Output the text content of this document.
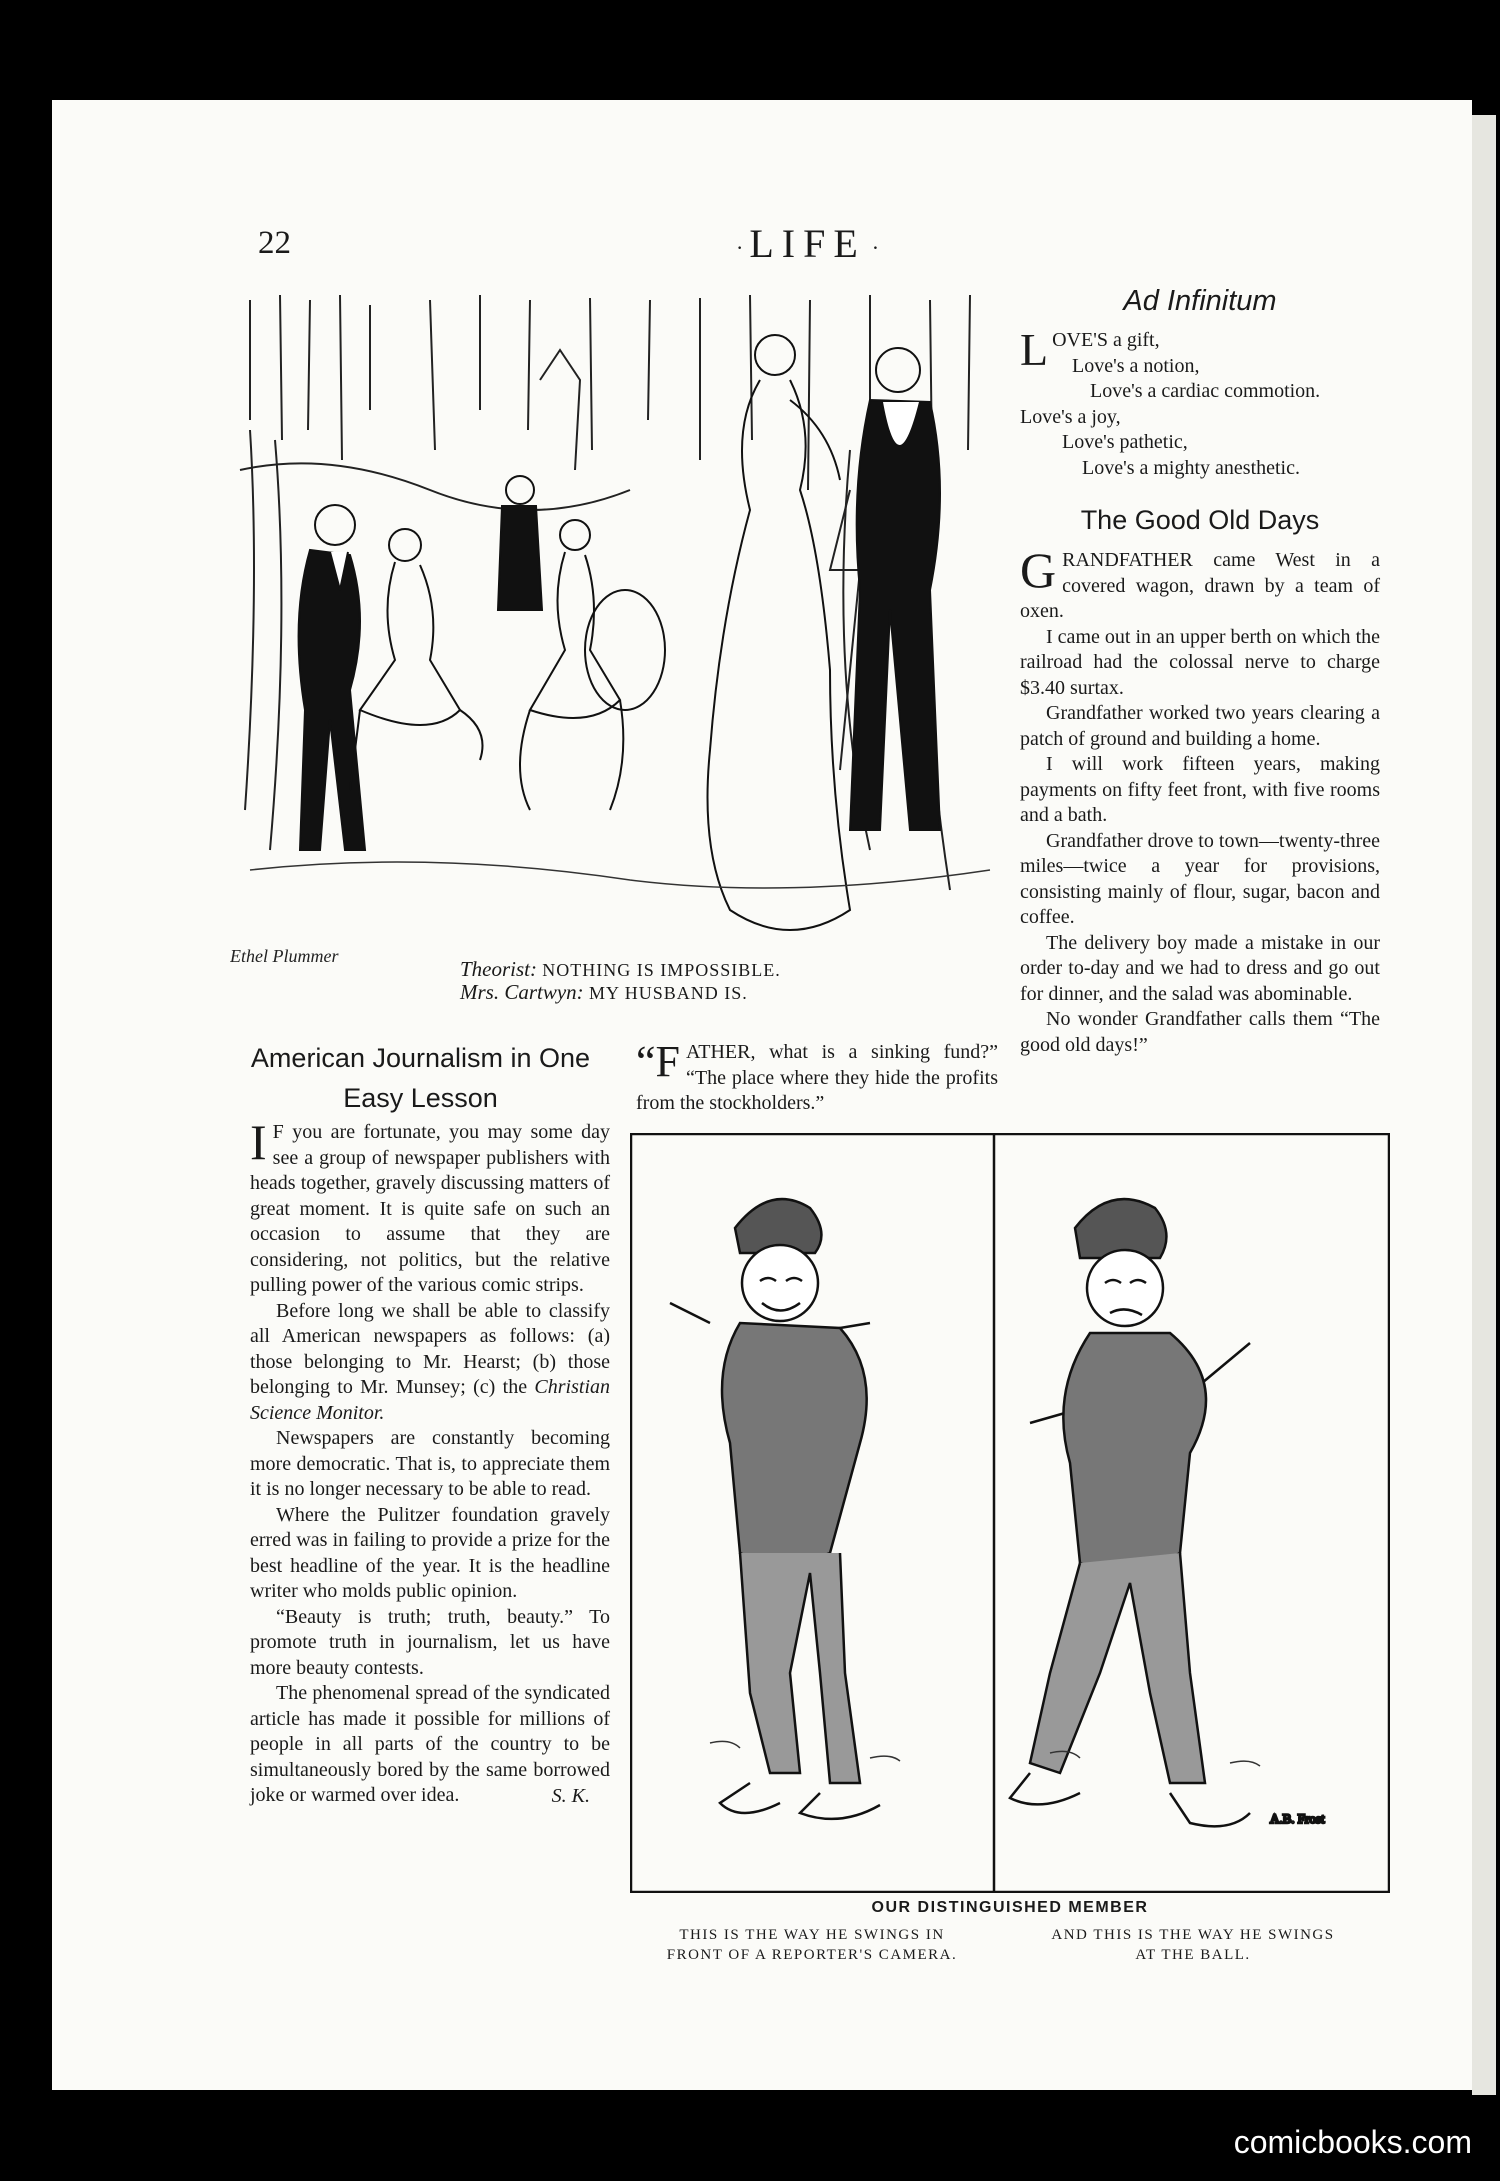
22	· LIFE ·
Ethel Plummer
Theorist: NOTHING IS IMPOSSIBLE.
Mrs. Cartwyn: MY HUSBAND IS.
Ad Infinitum
LOVE'S a gift,
Love's a notion,
Love's a cardiac commotion.
Love's a joy,
Love's pathetic,
Love's a mighty anesthetic.
The Good Old Days

GRANDFATHER came West in a covered wagon, drawn by a team of oxen.

I came out in an upper berth on which the railroad had the colossal nerve to charge $3.40 surtax.

Grandfather worked two years clearing a patch of ground and building a home.

I will work fifteen years, making payments on fifty feet front, with five rooms and a bath.

Grandfather drove to town—twenty-three miles—twice a year for provisions, consisting mainly of flour, sugar, bacon and coffee.

The delivery boy made a mistake in our order to-day and we had to dress and go out for dinner, and the salad was abominable.

No wonder Grandfather calls them “The good old days!”

American Journalism in One
Easy Lesson

I F you are fortunate, you may some day see a group of newspaper publishers with heads together, gravely discussing matters of great moment. It is quite safe on such an occasion to assume that they are considering, not politics, but the relative pulling power of the various comic strips.

Before long we shall be able to classify all American newspapers as follows: (a) those belonging to Mr. Hearst; (b) those belonging to Mr. Munsey; (c) the Christian Science Monitor.

Newspapers are constantly becoming more democratic. That is, to appreciate them it is no longer necessary to be able to read.

Where the Pulitzer foundation gravely erred was in failing to provide a prize for the best headline of the year. It is the headline writer who molds public opinion.

“Beauty is truth; truth, beauty.” To promote truth in journalism, let us have more beauty contests.

The phenomenal spread of the syndicated article has made it possible for millions of people in all parts of the country to be simultaneously bored by the same borrowed joke or warmed over idea.	S. K.

“FATHER, what is a sinking fund?” “The place where they hide the profits from the stockholders.”

A.B. Frost
OUR DISTINGUISHED MEMBER
THIS IS THE WAY HE SWINGS IN
FRONT OF A REPORTER'S CAMERA.
AND THIS IS THE WAY HE SWINGS
AT THE BALL.
comicbooks.com
